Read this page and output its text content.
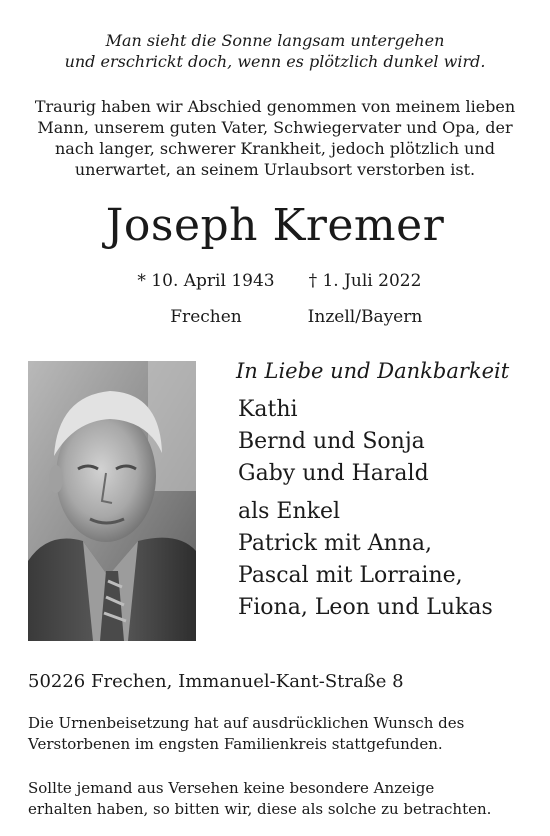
Man sieht die Sonne langsam untergehen
und erschrickt doch, wenn es plötzlich dunkel wird.
Traurig haben wir Abschied genommen von meinem lieben
Mann, unserem guten Vater, Schwiegervater und Opa, der
nach langer, schwerer Krankheit, jedoch plötzlich und
unerwartet, an seinem Urlaubsort verstorben ist.
Joseph Kremer
* 10. April 1943
Frechen
† 1. Juli 2022
Inzell/Bayern
In Liebe und Dankbarkeit
Kathi
Bernd und Sonja
Gaby und Harald
als Enkel
Patrick mit Anna,
Pascal mit Lorraine,
Fiona, Leon und Lukas
50226 Frechen, Immanuel-Kant-Straße 8
Die Urnenbeisetzung hat auf ausdrücklichen Wunsch des
Verstorbenen im engsten Familienkreis stattgefunden.
Sollte jemand aus Versehen keine besondere Anzeige
erhalten haben, so bitten wir, diese als solche zu betrachten.
